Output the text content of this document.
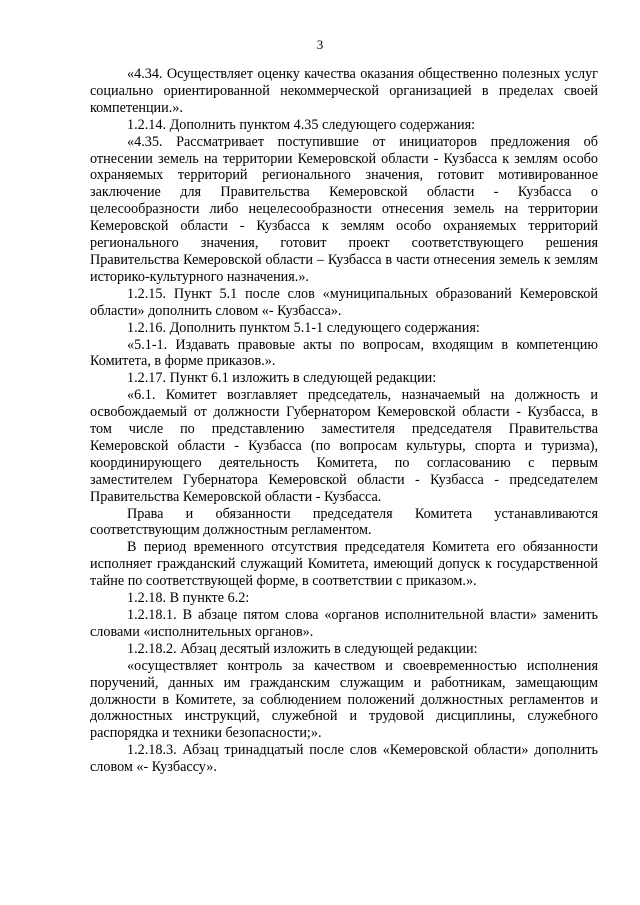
3

«4.34. Осуществляет оценку качества оказания общественно полезных услуг социально ориентированной некоммерческой организацией в пределах своей компетенции.».

1.2.14. Дополнить пунктом 4.35 следующего содержания:

«4.35. Рассматривает поступившие от инициаторов предложения об отнесении земель на территории Кемеровской области - Кузбасса к землям особо охраняемых территорий регионального значения, готовит мотивированное заключение для Правительства Кемеровской области - Кузбасса о целесообразности либо нецелесообразности отнесения земель на территории Кемеровской области - Кузбасса к землям особо охраняемых территорий регионального значения, готовит проект соответствующего решения Правительства Кемеровской области – Кузбасса в части отнесения земель к землям историко-культурного назначения.».

1.2.15. Пункт 5.1 после слов «муниципальных образований Кемеровской области» дополнить словом «- Кузбасса».

1.2.16. Дополнить пунктом 5.1-1 следующего содержания:

«5.1-1. Издавать правовые акты по вопросам, входящим в компетенцию Комитета, в форме приказов.».

1.2.17. Пункт 6.1 изложить в следующей редакции:

«6.1. Комитет возглавляет председатель, назначаемый на должность и освобождаемый от должности Губернатором Кемеровской области - Кузбасса, в том числе по представлению заместителя председателя Правительства Кемеровской области - Кузбасса (по вопросам культуры, спорта и туризма), координирующего деятельность Комитета, по согласованию с первым заместителем Губернатора Кемеровской области - Кузбасса - председателем Правительства Кемеровской области - Кузбасса.

Права и обязанности председателя Комитета устанавливаются соответствующим должностным регламентом.

В период временного отсутствия председателя Комитета его обязанности исполняет гражданский служащий Комитета, имеющий допуск к государственной тайне по соответствующей форме, в соответствии с приказом.».

1.2.18. В пункте 6.2:

1.2.18.1. В абзаце пятом слова «органов исполнительной власти» заменить словами «исполнительных органов».

1.2.18.2. Абзац десятый изложить в следующей редакции:

«осуществляет контроль за качеством и своевременностью исполнения поручений, данных им гражданским служащим и работникам, замещающим должности в Комитете, за соблюдением положений должностных регламентов и должностных инструкций, служебной и трудовой дисциплины, служебного распорядка и техники безопасности;».

1.2.18.3. Абзац тринадцатый после слов «Кемеровской области» дополнить словом «- Кузбассу».
